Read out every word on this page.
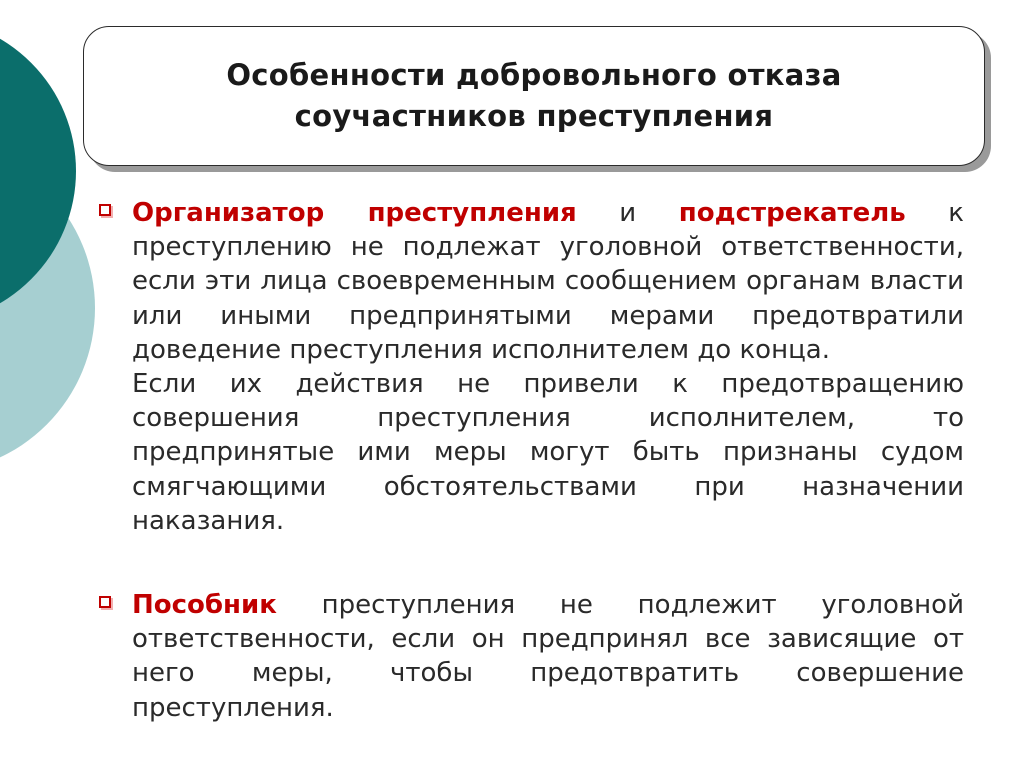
Особенности добровольного отказа
соучастников преступления
Организатор преступления и подстрекатель к преступлению не подлежат уголовной ответственности, если эти лица своевременным сообщением органам власти или иными предпринятыми мерами предотвратили доведение преступления исполнителем до конца.
Если их действия не привели к предотвращению совершения преступления исполнителем, то предпринятые ими меры могут быть признаны судом смягчающими обстоятельствами при назначении наказания.
Пособник преступления не подлежит уголовной ответственности, если он предпринял все зависящие от него меры, чтобы предотвратить совершение преступления.
